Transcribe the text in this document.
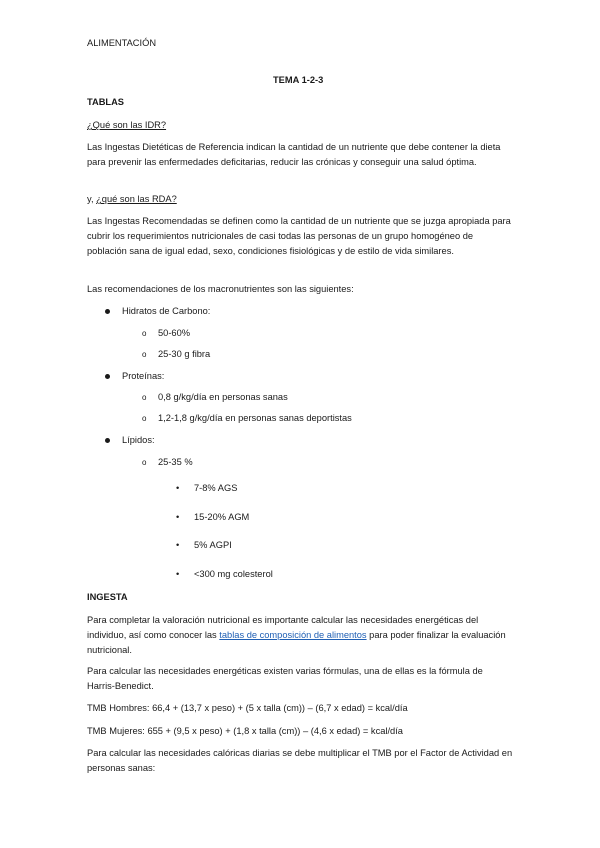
ALIMENTACIÓN
TEMA 1-2-3
TABLAS
¿Qué son las IDR?
Las Ingestas Dietéticas de Referencia indican la cantidad de un nutriente que debe contener la dieta para prevenir las enfermedades deficitarias, reducir las crónicas y conseguir una salud óptima.
y, ¿qué son las RDA?
Las Ingestas Recomendadas se definen como la cantidad de un nutriente que se juzga apropiada para cubrir los requerimientos nutricionales de casi todas las personas de un grupo homogéneo de población sana de igual edad, sexo, condiciones fisiológicas y de estilo de vida similares.
Las recomendaciones de los macronutrientes son las siguientes:
Hidratos de Carbono:
o 50-60%
o 25-30 g fibra
Proteínas:
o 0,8 g/kg/día en personas sanas
o 1,2-1,8 g/kg/día en personas sanas deportistas
Lípidos:
o 25-35 %
• 7-8% AGS
• 15-20% AGM
• 5% AGPI
• <300 mg colesterol
INGESTA
Para completar la valoración nutricional es importante calcular las necesidades energéticas del individuo, así como conocer las tablas de composición de alimentos para poder finalizar la evaluación nutricional.
Para calcular las necesidades energéticas existen varias fórmulas, una de ellas es la fórmula de Harris-Benedict.
TMB Hombres: 66,4 + (13,7 x peso) + (5 x talla (cm)) – (6,7 x edad) = kcal/día
TMB Mujeres: 655 + (9,5 x peso) + (1,8 x talla (cm)) – (4,6 x edad) = kcal/día
Para calcular las necesidades calóricas diarias se debe multiplicar el TMB por el Factor de Actividad en personas sanas:
